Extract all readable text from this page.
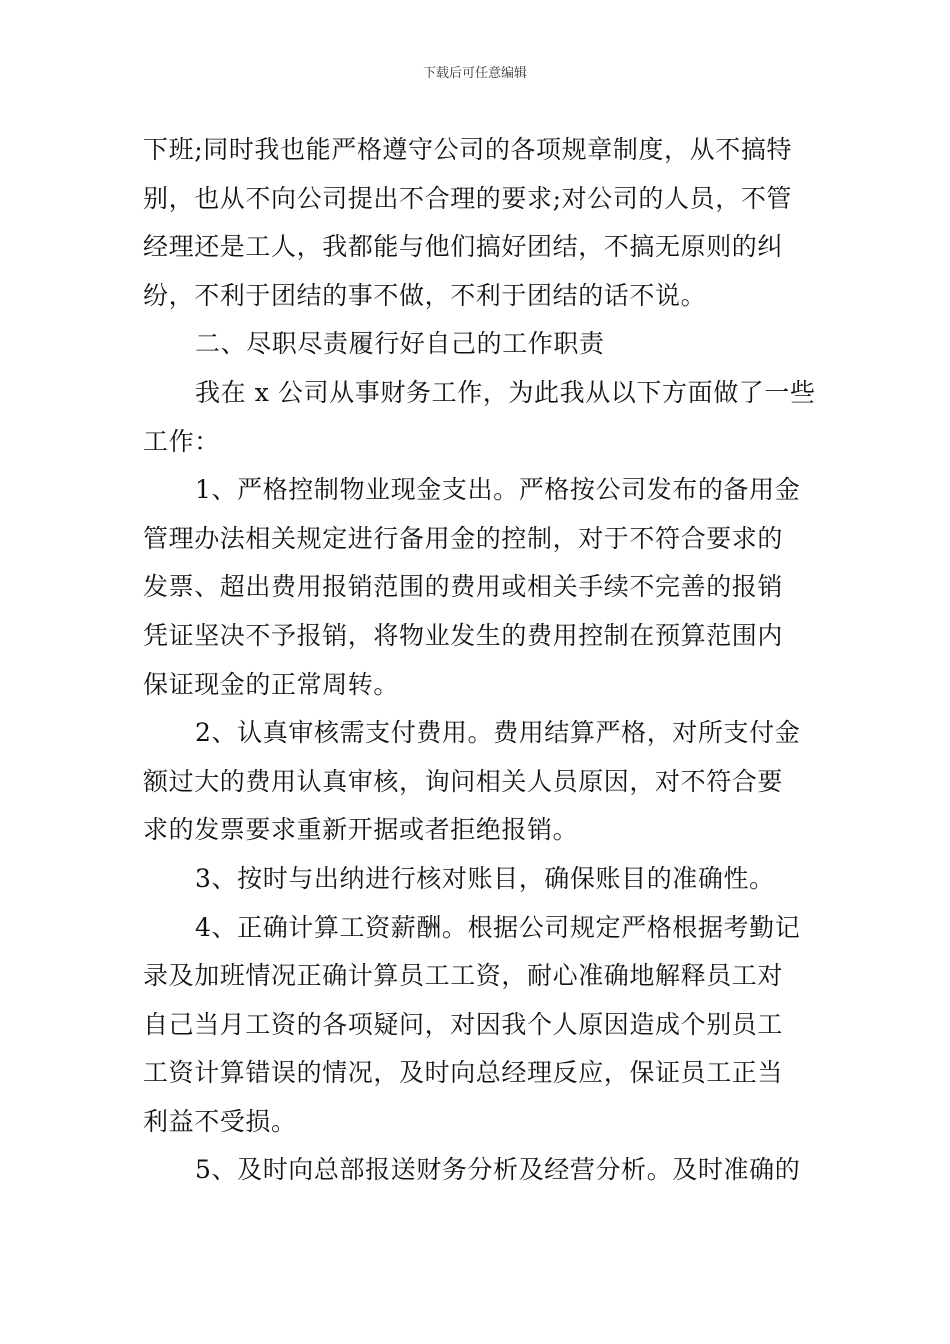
下载后可任意编辑
下班;同时我也能严格遵守公司的各项规章制度，从不搞特
别，也从不向公司提出不合理的要求;对公司的人员，不管
经理还是工人，我都能与他们搞好团结，不搞无原则的纠
纷，不利于团结的事不做，不利于团结的话不说。
二、尽职尽责履行好自己的工作职责
我在 x 公司从事财务工作，为此我从以下方面做了一些
工作：
1、严格控制物业现金支出。严格按公司发布的备用金
管理办法相关规定进行备用金的控制，对于不符合要求的
发票、超出费用报销范围的费用或相关手续不完善的报销
凭证坚决不予报销，将物业发生的费用控制在预算范围内
保证现金的正常周转。
2、认真审核需支付费用。费用结算严格，对所支付金
额过大的费用认真审核，询问相关人员原因，对不符合要
求的发票要求重新开据或者拒绝报销。
3、按时与出纳进行核对账目，确保账目的准确性。
4、正确计算工资薪酬。根据公司规定严格根据考勤记
录及加班情况正确计算员工工资，耐心准确地解释员工对
自己当月工资的各项疑问，对因我个人原因造成个别员工
工资计算错误的情况，及时向总经理反应，保证员工正当
利益不受损。
5、及时向总部报送财务分析及经营分析。及时准确的
